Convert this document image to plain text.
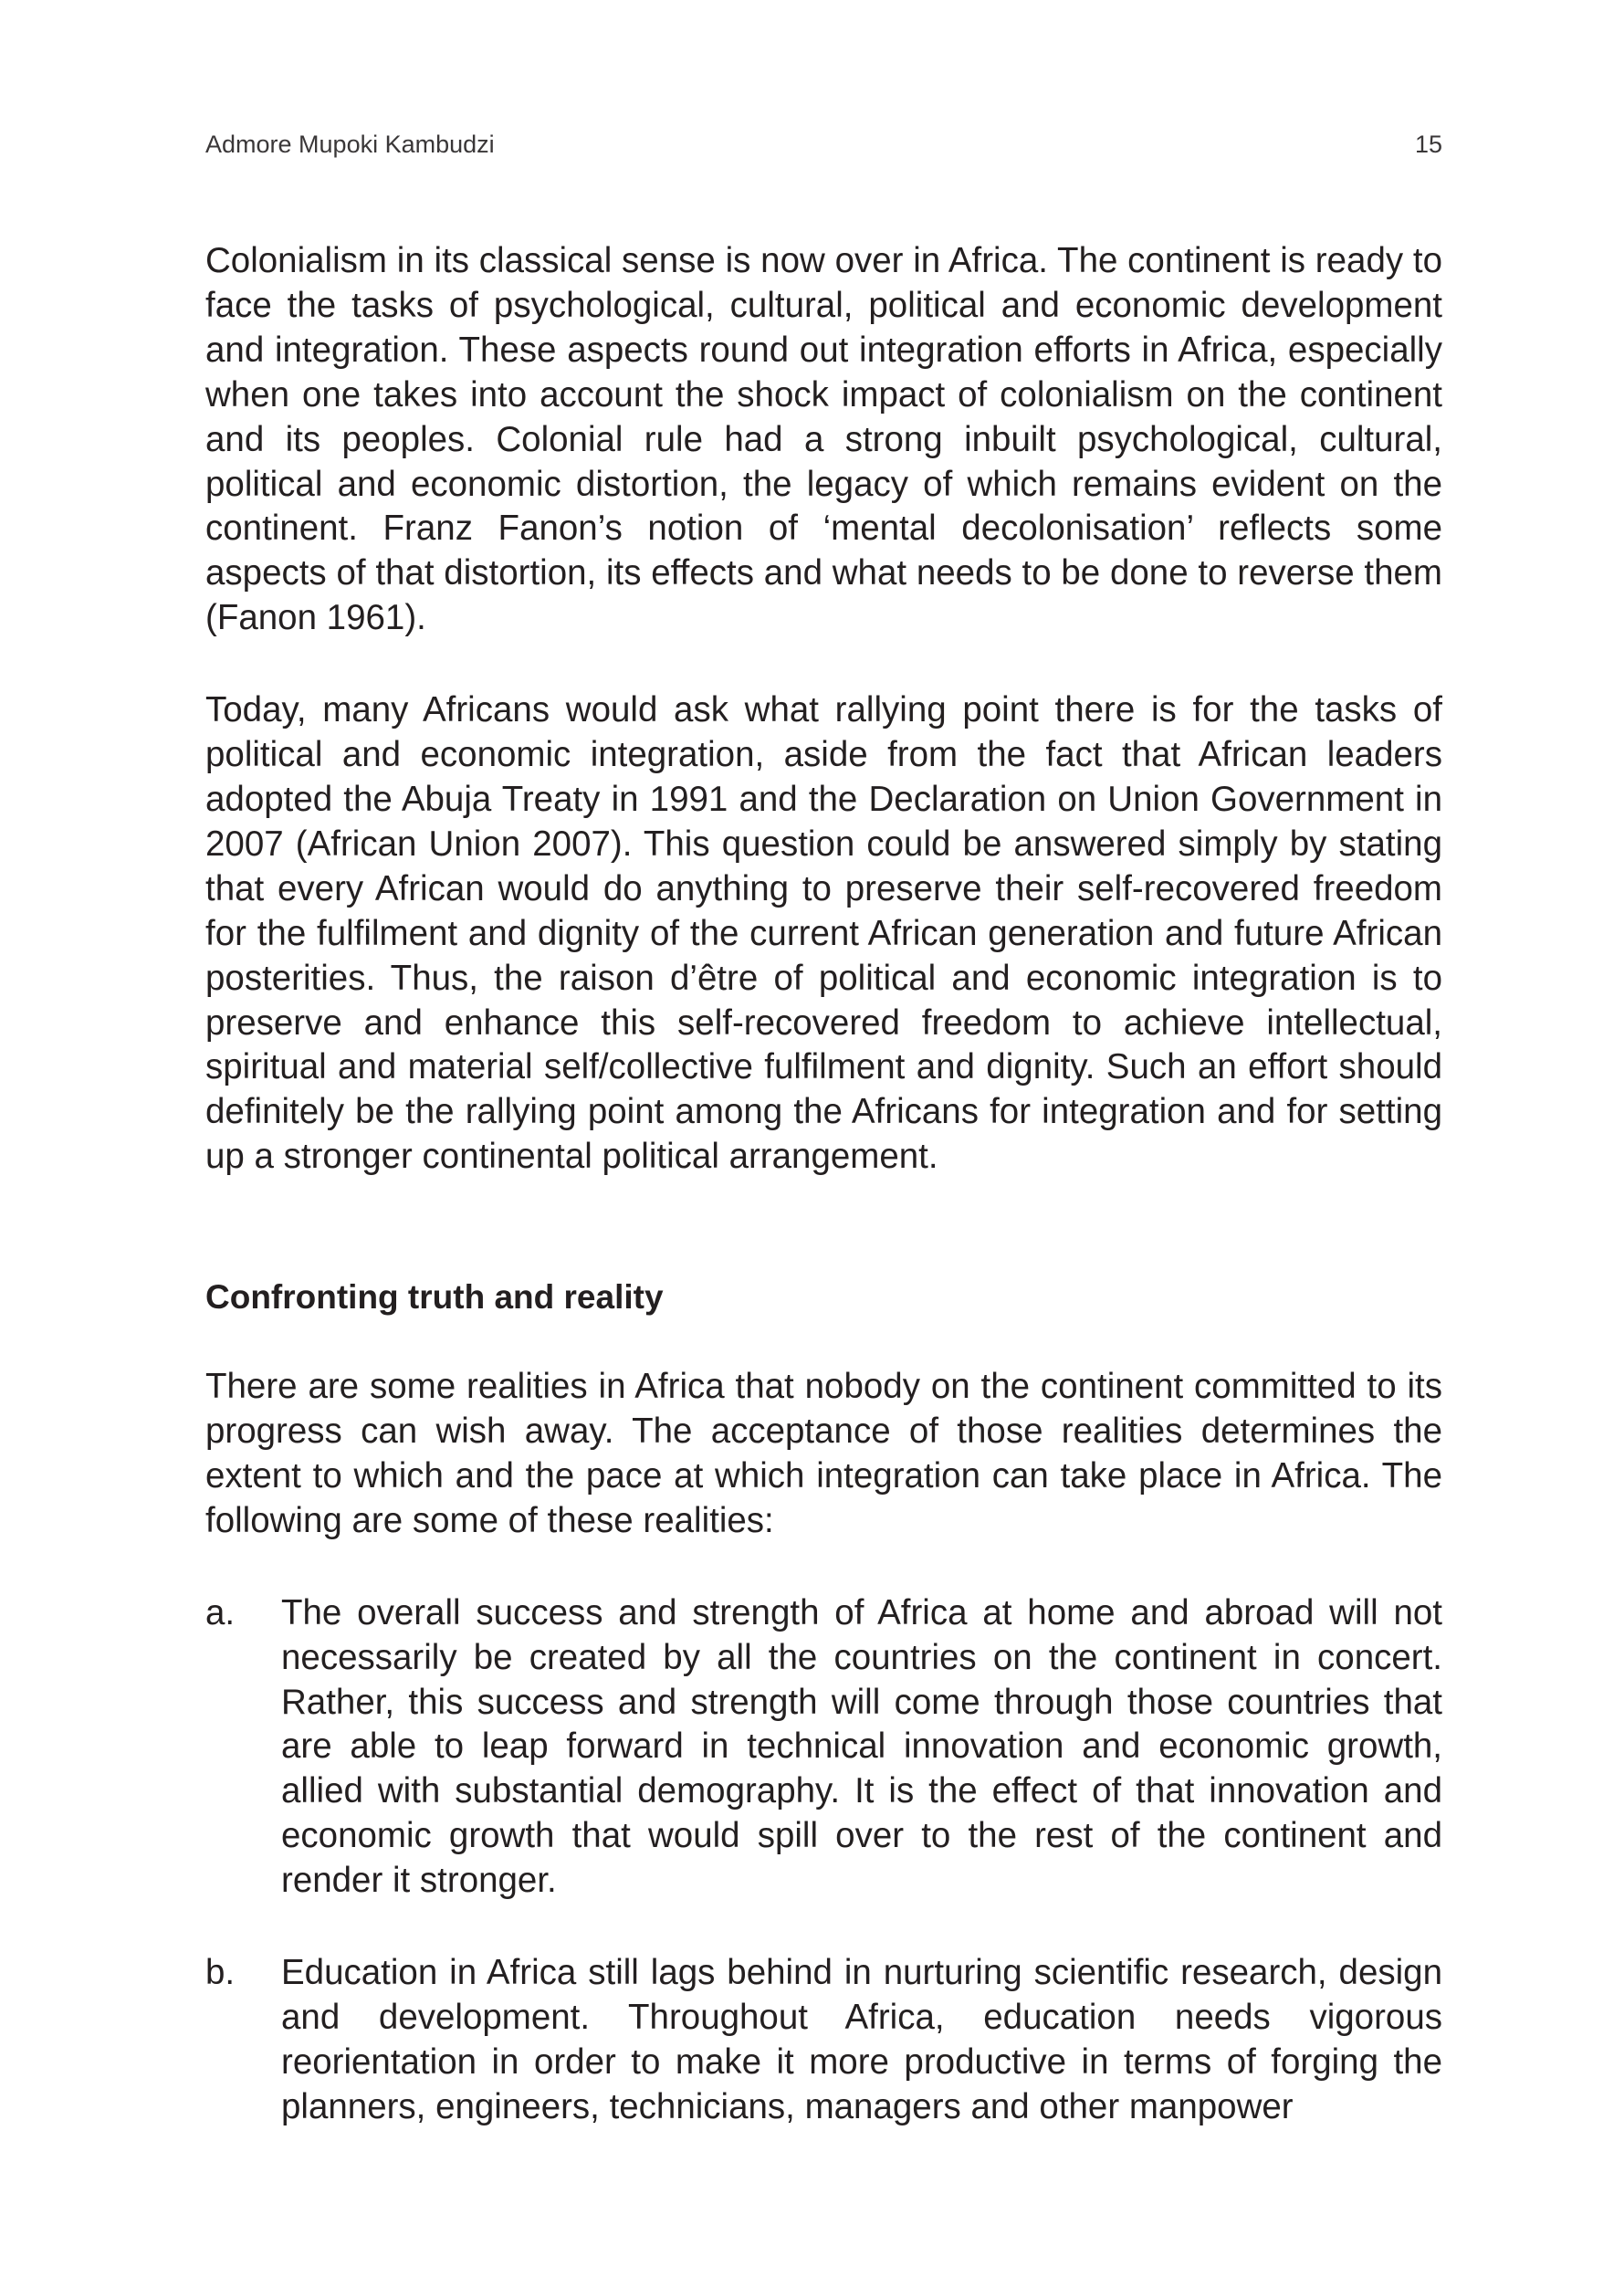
Admore Mupoki Kambudzi	15

Colonialism in its classical sense is now over in Africa. The continent is ready to face the tasks of psychological, cultural, political and economic development and integration. These aspects round out integration efforts in Africa, especially when one takes into account the shock impact of colonialism on the continent and its peoples. Colonial rule had a strong inbuilt psychological, cultural, political and economic distortion, the legacy of which remains evident on the continent. Franz Fanon’s notion of ‘mental decolonisation’ reflects some aspects of that distortion, its effects and what needs to be done to reverse them (Fanon 1961).

Today, many Africans would ask what rallying point there is for the tasks of political and economic integration, aside from the fact that African leaders adopted the Abuja Treaty in 1991 and the Declaration on Union Government in 2007 (African Union 2007). This question could be answered simply by stating that every African would do anything to preserve their self-recovered freedom for the fulfilment and dignity of the current African generation and future African posterities. Thus, the raison d’être of political and economic integration is to preserve and enhance this self-recovered freedom to achieve intellectual, spiritual and material self/collective fulfilment and dignity. Such an effort should definitely be the rallying point among the Africans for integration and for setting up a stronger continental political arrangement.

Confronting truth and reality

There are some realities in Africa that nobody on the continent committed to its progress can wish away. The acceptance of those realities determines the extent to which and the pace at which integration can take place in Africa. The following are some of these realities:

a. The overall success and strength of Africa at home and abroad will not necessarily be created by all the countries on the continent in concert. Rather, this success and strength will come through those countries that are able to leap forward in technical innovation and economic growth, allied with substantial demography. It is the effect of that innovation and economic growth that would spill over to the rest of the continent and render it stronger.
b. Education in Africa still lags behind in nurturing scientific research, design and development. Throughout Africa, education needs vigorous reorientation in order to make it more productive in terms of forging the planners, engineers, technicians, managers and other manpower
